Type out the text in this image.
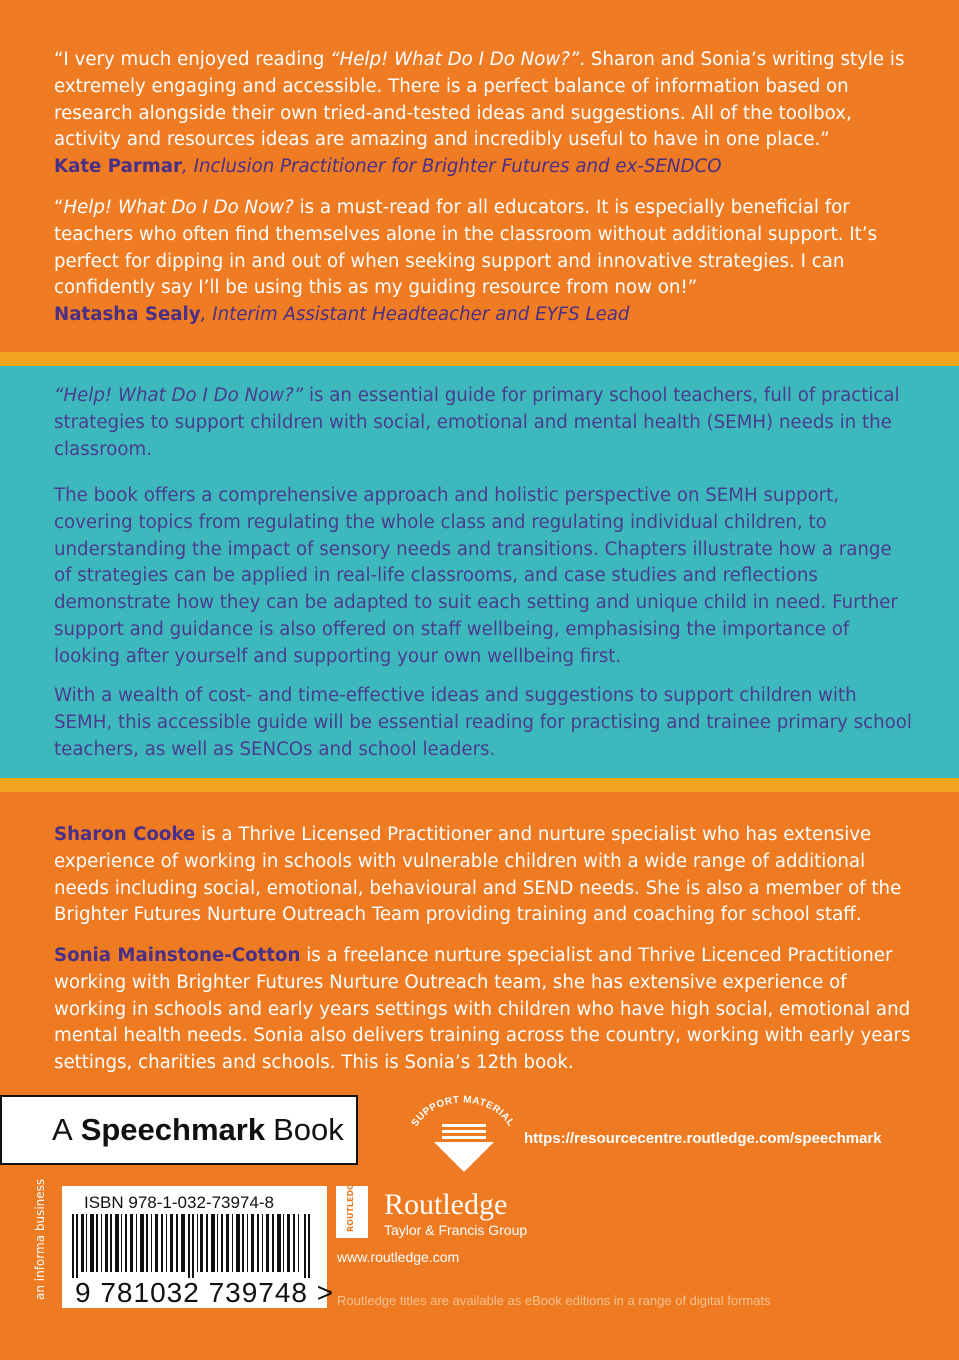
“I very much enjoyed reading “Help! What Do I Do Now?”. Sharon and Sonia’s writing style is extremely engaging and accessible. There is a perfect balance of information based on research alongside their own tried-and-tested ideas and suggestions. All of the toolbox, activity and resources ideas are amazing and incredibly useful to have in one place.”

Kate Parmar, Inclusion Practitioner for Brighter Futures and ex-SENDCO

“Help! What Do I Do Now? is a must-read for all educators. It is especially beneficial for teachers who often find themselves alone in the classroom without additional support. It’s perfect for dipping in and out of when seeking support and innovative strategies. I can confidently say I’ll be using this as my guiding resource from now on!”

Natasha Sealy, Interim Assistant Headteacher and EYFS Lead

“Help! What Do I Do Now?” is an essential guide for primary school teachers, full of practical strategies to support children with social, emotional and mental health (SEMH) needs in the classroom.

The book offers a comprehensive approach and holistic perspective on SEMH support, covering topics from regulating the whole class and regulating individual children, to understanding the impact of sensory needs and transitions. Chapters illustrate how a range of strategies can be applied in real-life classrooms, and case studies and reflections demonstrate how they can be adapted to suit each setting and unique child in need. Further support and guidance is also offered on staff wellbeing, emphasising the importance of looking after yourself and supporting your own wellbeing first.

With a wealth of cost- and time-effective ideas and suggestions to support children with SEMH, this accessible guide will be essential reading for practising and trainee primary school teachers, as well as SENCOs and school leaders.

Sharon Cooke is a Thrive Licensed Practitioner and nurture specialist who has extensive experience of working in schools with vulnerable children with a wide range of additional needs including social, emotional, behavioural and SEND needs. She is also a member of the Brighter Futures Nurture Outreach Team providing training and coaching for school staff.

Sonia Mainstone-Cotton is a freelance nurture specialist and Thrive Licenced Practitioner working with Brighter Futures Nurture Outreach team, she has extensive experience of working in schools and early years settings with children who have high social, emotional and mental health needs. Sonia also delivers training across the country, working with early years settings, charities and schools. This is Sonia’s 12th book.

A Speechmark Book
an informa business ISBN 978-1-032-73974-8
9 781032 739748 >
SUPPORT MATERIAL
https://resourcecentre.routledge.com/speechmark
ROUTLEDGE Routledge
Taylor & Francis Group
www.routledge.com
Routledge titles are available as eBook editions in a range of digital formats
